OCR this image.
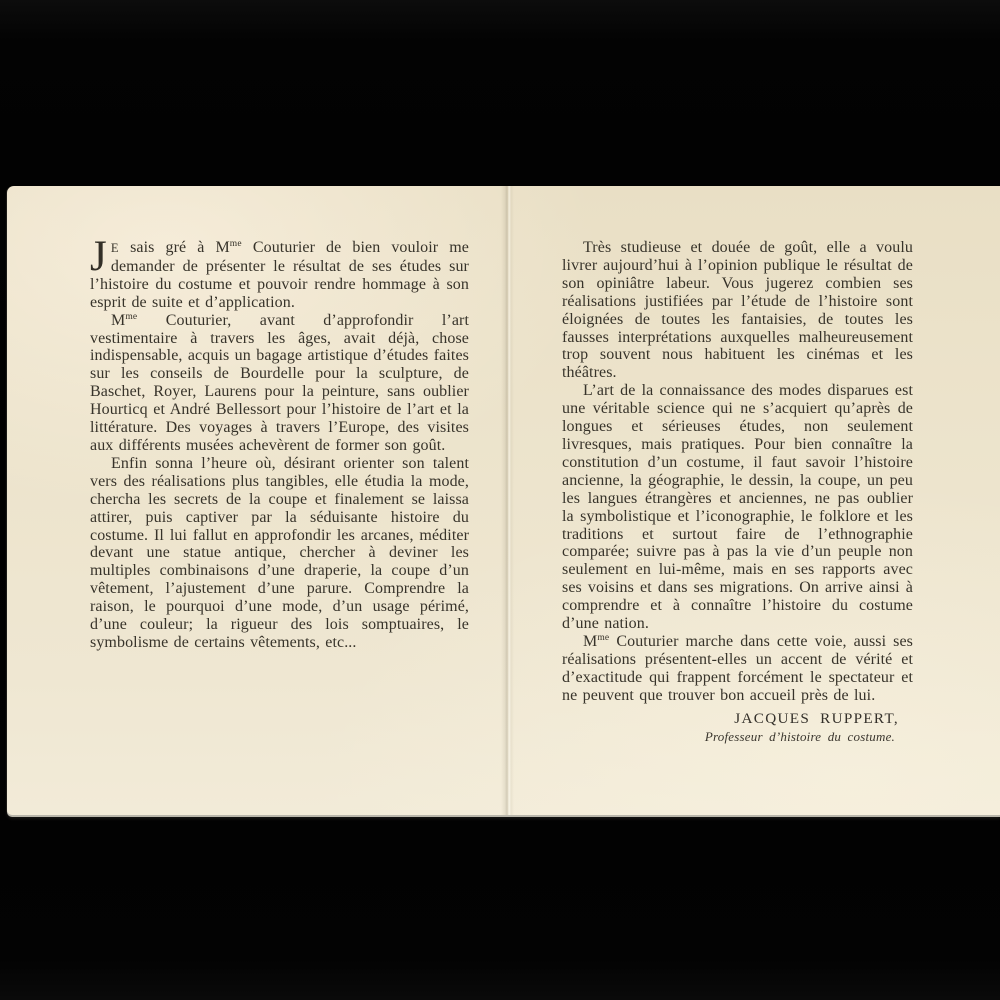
J E sais gré à $M^{me}$ Couturier de bien vouloir me demander de présenter le résultat de ses études sur l’histoire du costume et pouvoir rendre hommage à son esprit de suite et d’application.

$M^{me}$ Couturier, avant d’approfondir l’art vestimentaire à travers les âges, avait déjà, chose indispensable, acquis un bagage artistique d’études faites sur les conseils de Bourdelle pour la sculpture, de Baschet, Royer, Laurens pour la peinture, sans oublier Hourticq et André Bellessort pour l’histoire de l’art et la littérature. Des voyages à travers l’Europe, des visites aux différents musées achevèrent de former son goût.

Enfin sonna l’heure où, désirant orienter son talent vers des réalisations plus tangibles, elle étudia la mode, chercha les secrets de la coupe et finalement se laissa attirer, puis captiver par la séduisante histoire du costume. Il lui fallut en approfondir les arcanes, méditer devant une statue antique, chercher à deviner les multiples combinaisons d’une draperie, la coupe d’un vêtement, l’ajustement d’une parure. Comprendre la raison, le pourquoi d’une mode, d’un usage périmé, d’une couleur; la rigueur des lois somptuaires, le symbolisme de certains vêtements, etc...

Très studieuse et douée de goût, elle a voulu livrer aujourd’hui à l’opinion publique le résultat de son opiniâtre labeur. Vous jugerez combien ses réalisations justifiées par l’étude de l’histoire sont éloignées de toutes les fantaisies, de toutes les fausses interprétations auxquelles malheureusement trop souvent nous habituent les cinémas et les théâtres.

L’art de la connaissance des modes disparues est une véritable science qui ne s’acquiert qu’après de longues et sérieuses études, non seulement livresques, mais pratiques. Pour bien connaître la constitution d’un costume, il faut savoir l’histoire ancienne, la géographie, le dessin, la coupe, un peu les langues étrangères et anciennes, ne pas oublier la symbolistique et l’iconographie, le folklore et les traditions et surtout faire de l’ethnographie comparée; suivre pas à pas la vie d’un peuple non seulement en lui-même, mais en ses rapports avec ses voisins et dans ses migrations. On arrive ainsi à comprendre et à connaître l’histoire du costume d’une nation.

$M^{me}$ Couturier marche dans cette voie, aussi ses réalisations présentent-elles un accent de vérité et d’exactitude qui frappent forcément le spectateur et ne peuvent que trouver bon accueil près de lui.

JACQUES RUPPERT,
Professeur d’histoire du costume.
